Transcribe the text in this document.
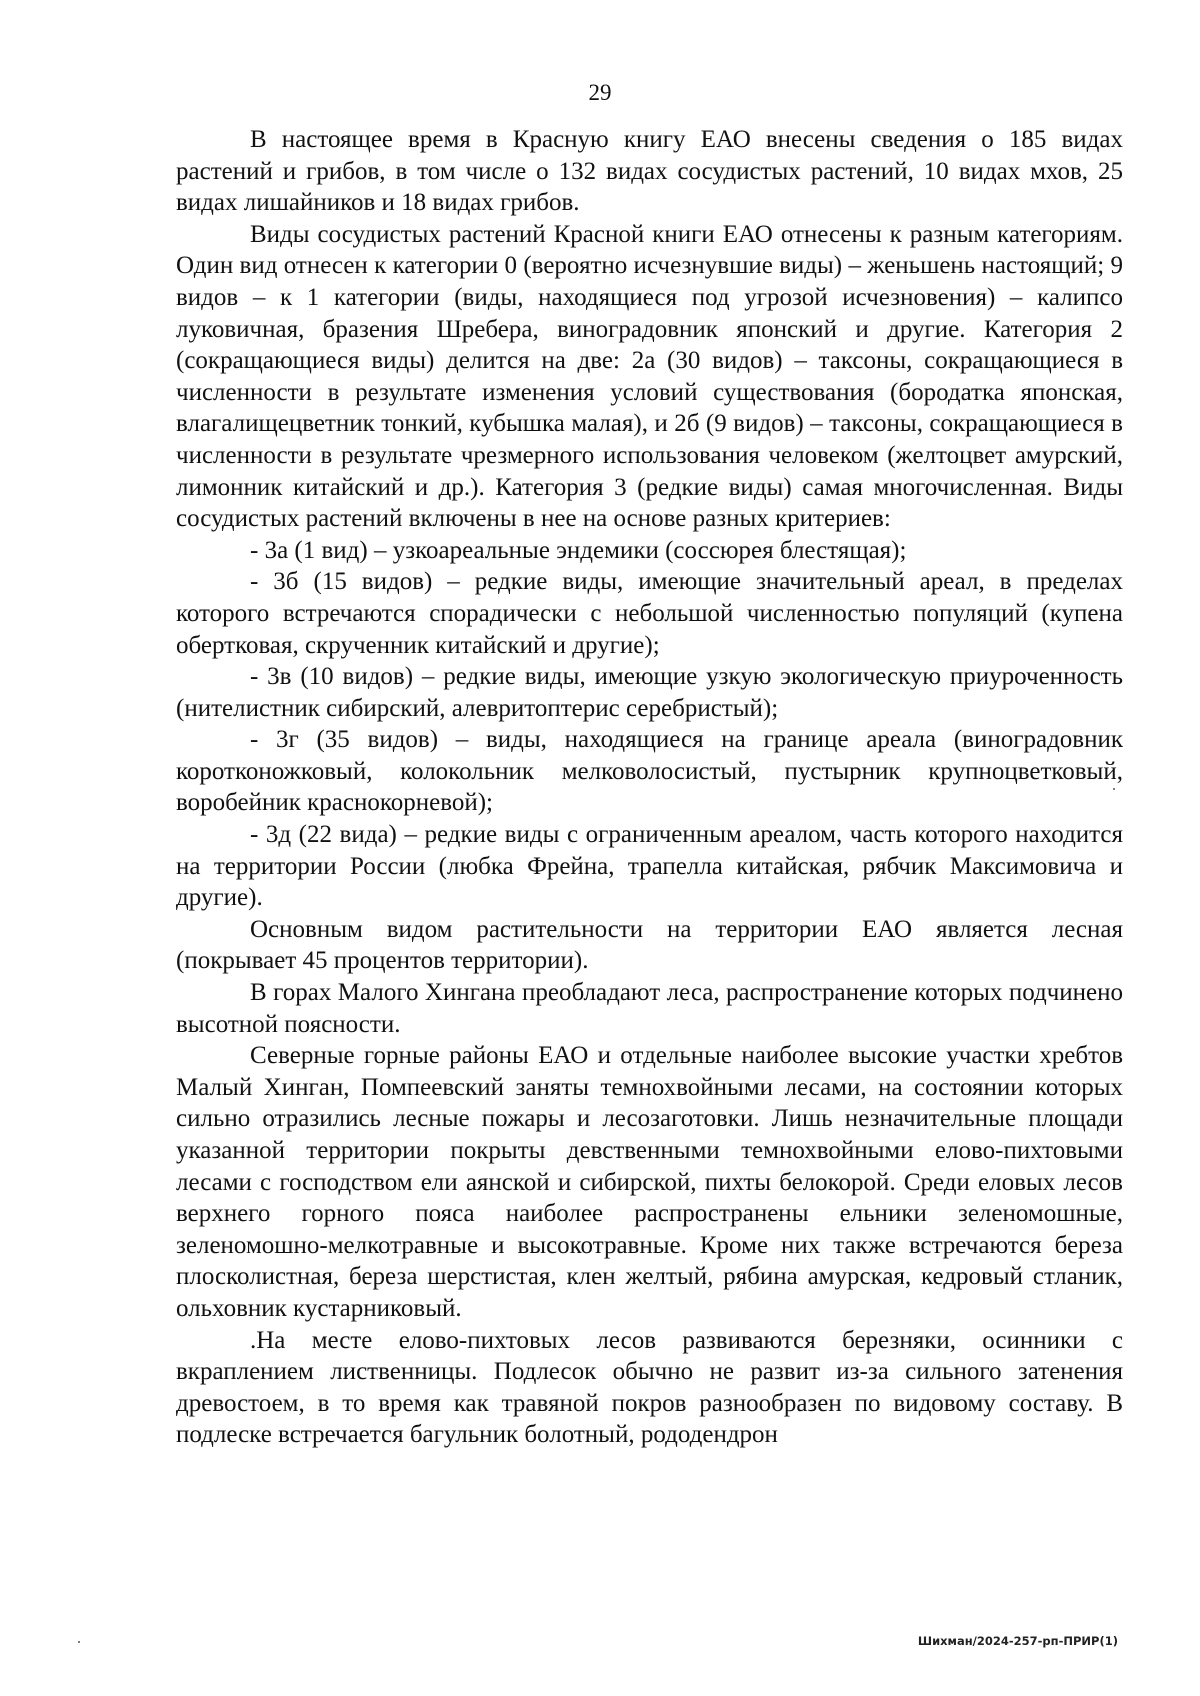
29

В настоящее время в Красную книгу ЕАО внесены сведения о 185 видах растений и грибов, в том числе о 132 видах сосудистых растений, 10 видах мхов, 25 видах лишайников и 18 видах грибов.

Виды сосудистых растений Красной книги ЕАО отнесены к разным категориям. Один вид отнесен к категории 0 (вероятно исчезнувшие виды) – женьшень настоящий; 9 видов – к 1 категории (виды, находящиеся под угрозой исчезновения) – калипсо луковичная, бразения Шребера, виноградовник японский и другие. Категория 2 (сокращающиеся виды) делится на две: 2а (30 видов) – таксоны, сокращающиеся в численности в результате изменения условий существования (бородатка японская, влагалищецветник тонкий, кубышка малая), и 2б (9 видов) – таксоны, сокращающиеся в численности в результате чрезмерного использования человеком (желтоцвет амурский, лимонник китайский и др.). Категория 3 (редкие виды) самая многочисленная. Виды сосудистых растений включены в нее на основе разных критериев:

- 3а (1 вид) – узкоареальные эндемики (соссюрея блестящая);

- 3б (15 видов) – редкие виды, имеющие значительный ареал, в пределах которого встречаются спорадически с небольшой численностью популяций (купена обертковая, скрученник китайский и другие);

- 3в (10 видов) – редкие виды, имеющие узкую экологическую приуроченность (нителистник сибирский, алевритоптерис серебристый);

- 3г (35 видов) – виды, находящиеся на границе ареала (виноградовник коротконожковый, колокольник мелковолосистый, пустырник крупноцветковый, воробейник краснокорневой);

- 3д (22 вида) – редкие виды с ограниченным ареалом, часть которого находится на территории России (любка Фрейна, трапелла китайская, рябчик Максимовича и другие).

Основным видом растительности на территории ЕАО является лесная (покрывает 45 процентов территории).

В горах Малого Хингана преобладают леса, распространение которых подчинено высотной поясности.

Северные горные районы ЕАО и отдельные наиболее высокие участки хребтов Малый Хинган, Помпеевский заняты темнохвойными лесами, на состоянии которых сильно отразились лесные пожары и лесозаготовки. Лишь незначительные площади указанной территории покрыты девственными темнохвойными елово-пихтовыми лесами с господством ели аянской и сибирской, пихты белокорой. Среди еловых лесов верхнего горного пояса наиболее распространены ельники зеленомошные, зеленомошно-мелкотравные и высокотравные. Кроме них также встречаются береза плосколистная, береза шерстистая, клен желтый, рябина амурская, кедровый стланик, ольховник кустарниковый.

.На месте елово-пихтовых лесов развиваются березняки, осинники с вкраплением лиственницы. Подлесок обычно не развит из-за сильного затенения древостоем, в то время как травяной покров разнообразен по видовому составу. В подлеске встречается багульник болотный, рододендрон

Шихман/2024-257-рп-ПРИР(1)
